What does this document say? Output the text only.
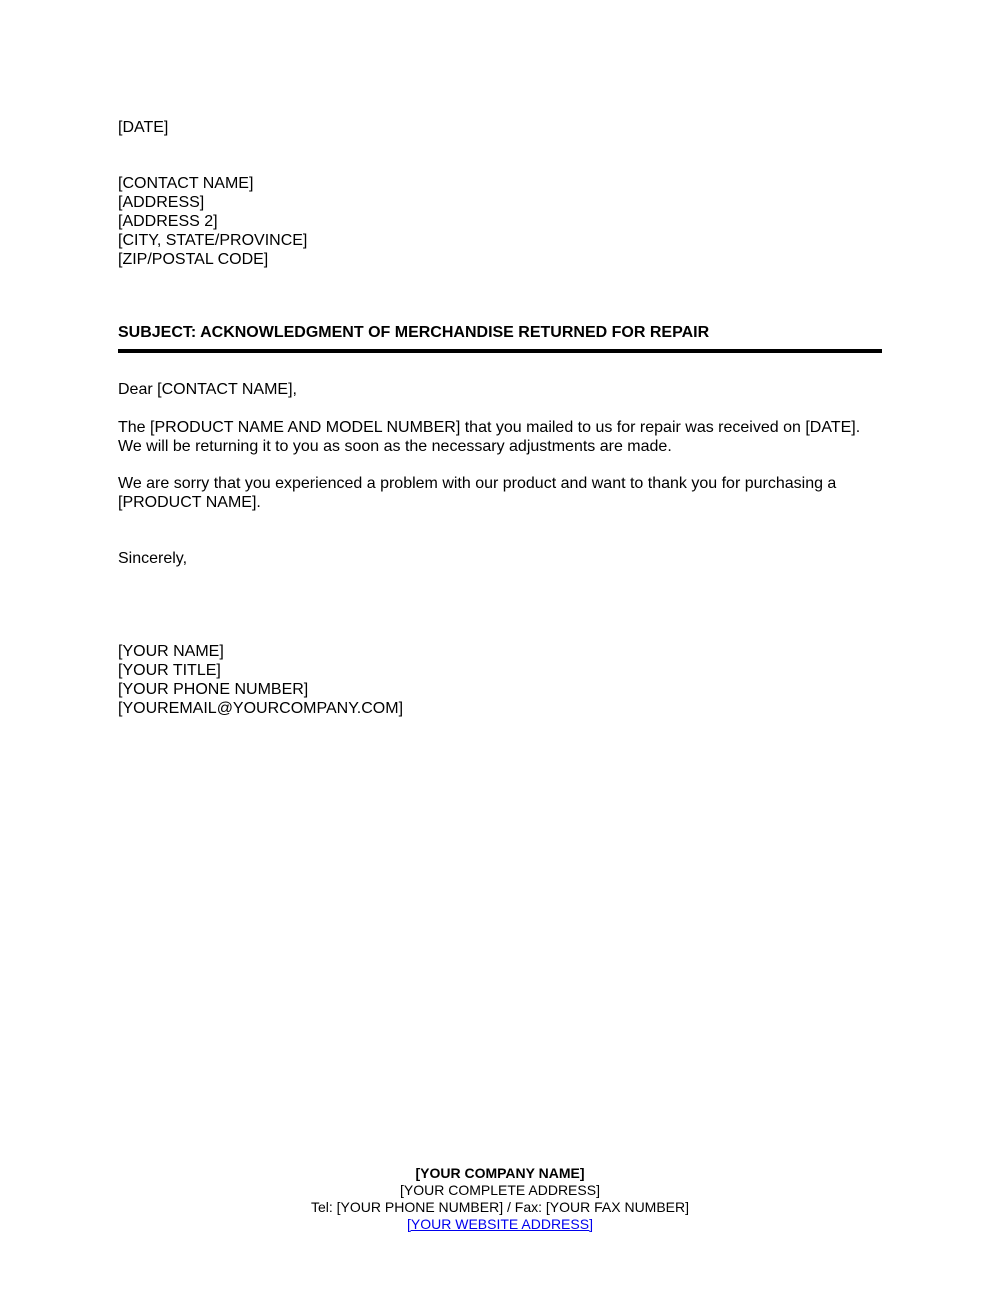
[DATE]
[CONTACT NAME]
[ADDRESS]
[ADDRESS 2]
[CITY, STATE/PROVINCE]
[ZIP/POSTAL CODE]
SUBJECT: ACKNOWLEDGMENT OF MERCHANDISE RETURNED FOR REPAIR
Dear [CONTACT NAME],
The [PRODUCT NAME AND MODEL NUMBER] that you mailed to us for repair was received on [DATE].
We will be returning it to you as soon as the necessary adjustments are made.
We are sorry that you experienced a problem with our product and want to thank you for purchasing a
[PRODUCT NAME].
Sincerely,
[YOUR NAME]
[YOUR TITLE]
[YOUR PHONE NUMBER]
[YOUREMAIL@YOURCOMPANY.COM]
[YOUR COMPANY NAME]
[YOUR COMPLETE ADDRESS]
Tel: [YOUR PHONE NUMBER] / Fax: [YOUR FAX NUMBER]
[YOUR WEBSITE ADDRESS]
